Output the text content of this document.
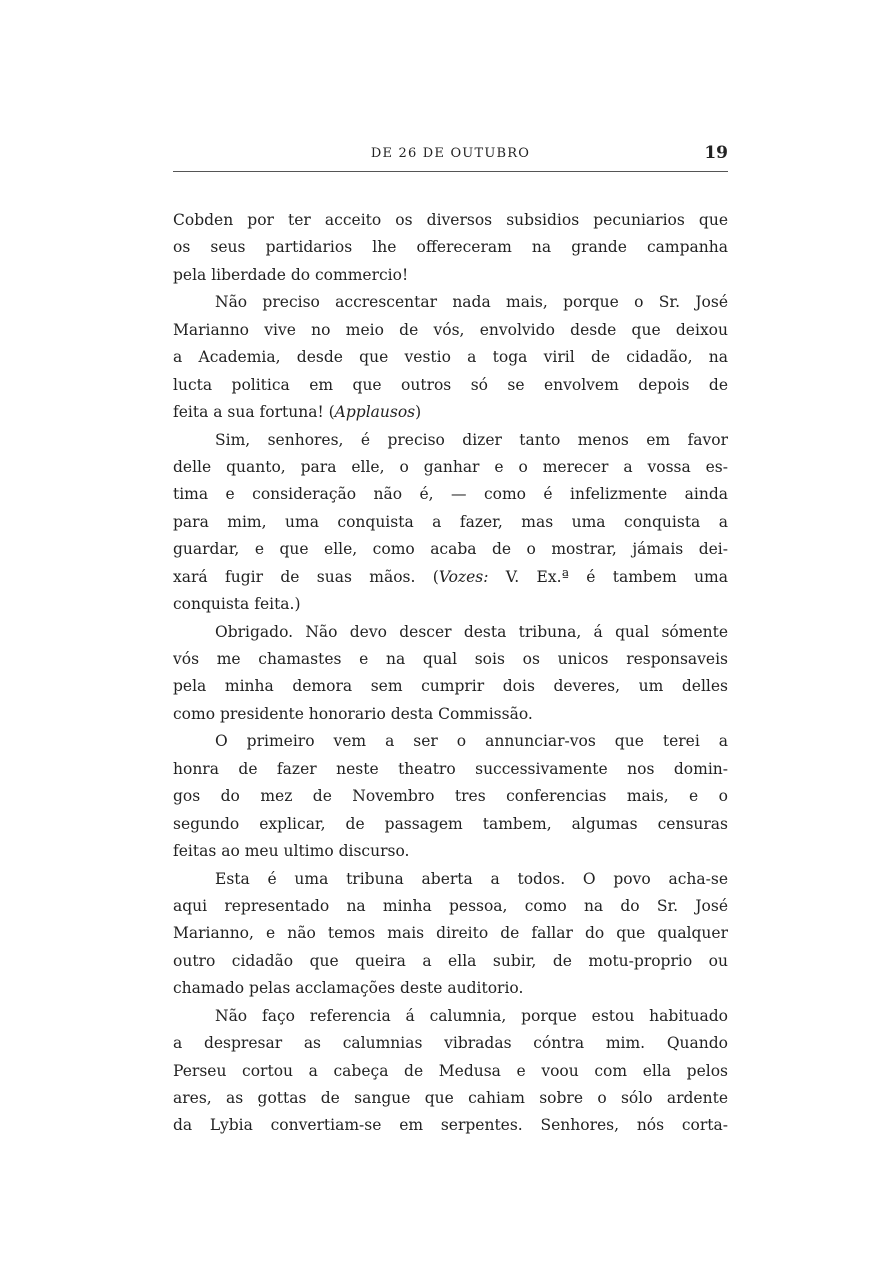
DE 26 DE OUTUBRO	19
Cobden por ter acceito os diversos subsidios pecuniarios que
os seus partidarios lhe offereceram na grande campanha
pela liberdade do commercio!
Não preciso accrescentar nada mais, porque o Sr. José
Marianno vive no meio de vós, envolvido desde que deixou
a Academia, desde que vestio a toga viril de cidadão, na
lucta politica em que outros só se envolvem depois de
feita a sua fortuna! (Applausos)
Sim, senhores, é preciso dizer tanto menos em favor
delle quanto, para elle, o ganhar e o merecer a vossa es-
tima e consideração não é, — como é infelizmente ainda
para mim, uma conquista a fazer, mas uma conquista a
guardar, e que elle, como acaba de o mostrar, jámais dei-
xará fugir de suas mãos. (Vozes: V. Ex.ª é tambem uma
conquista feita.)
Obrigado. Não devo descer desta tribuna, á qual sómente
vós me chamastes e na qual sois os unicos responsaveis
pela minha demora sem cumprir dois deveres, um delles
como presidente honorario desta Commissão.
O primeiro vem a ser o annunciar-vos que terei a
honra de fazer neste theatro successivamente nos domin-
gos do mez de Novembro tres conferencias mais, e o
segundo explicar, de passagem tambem, algumas censuras
feitas ao meu ultimo discurso.
Esta é uma tribuna aberta a todos. O povo acha-se
aqui representado na minha pessoa, como na do Sr. José
Marianno, e não temos mais direito de fallar do que qualquer
outro cidadão que queira a ella subir, de motu-proprio ou
chamado pelas acclamações deste auditorio.
Não faço referencia á calumnia, porque estou habituado
a despresar as calumnias vibradas cóntra mim. Quando
Perseu cortou a cabeça de Medusa e voou com ella pelos
ares, as gottas de sangue que cahiam sobre o sólo ardente
da Lybia convertiam-se em serpentes. Senhores, nós corta-
